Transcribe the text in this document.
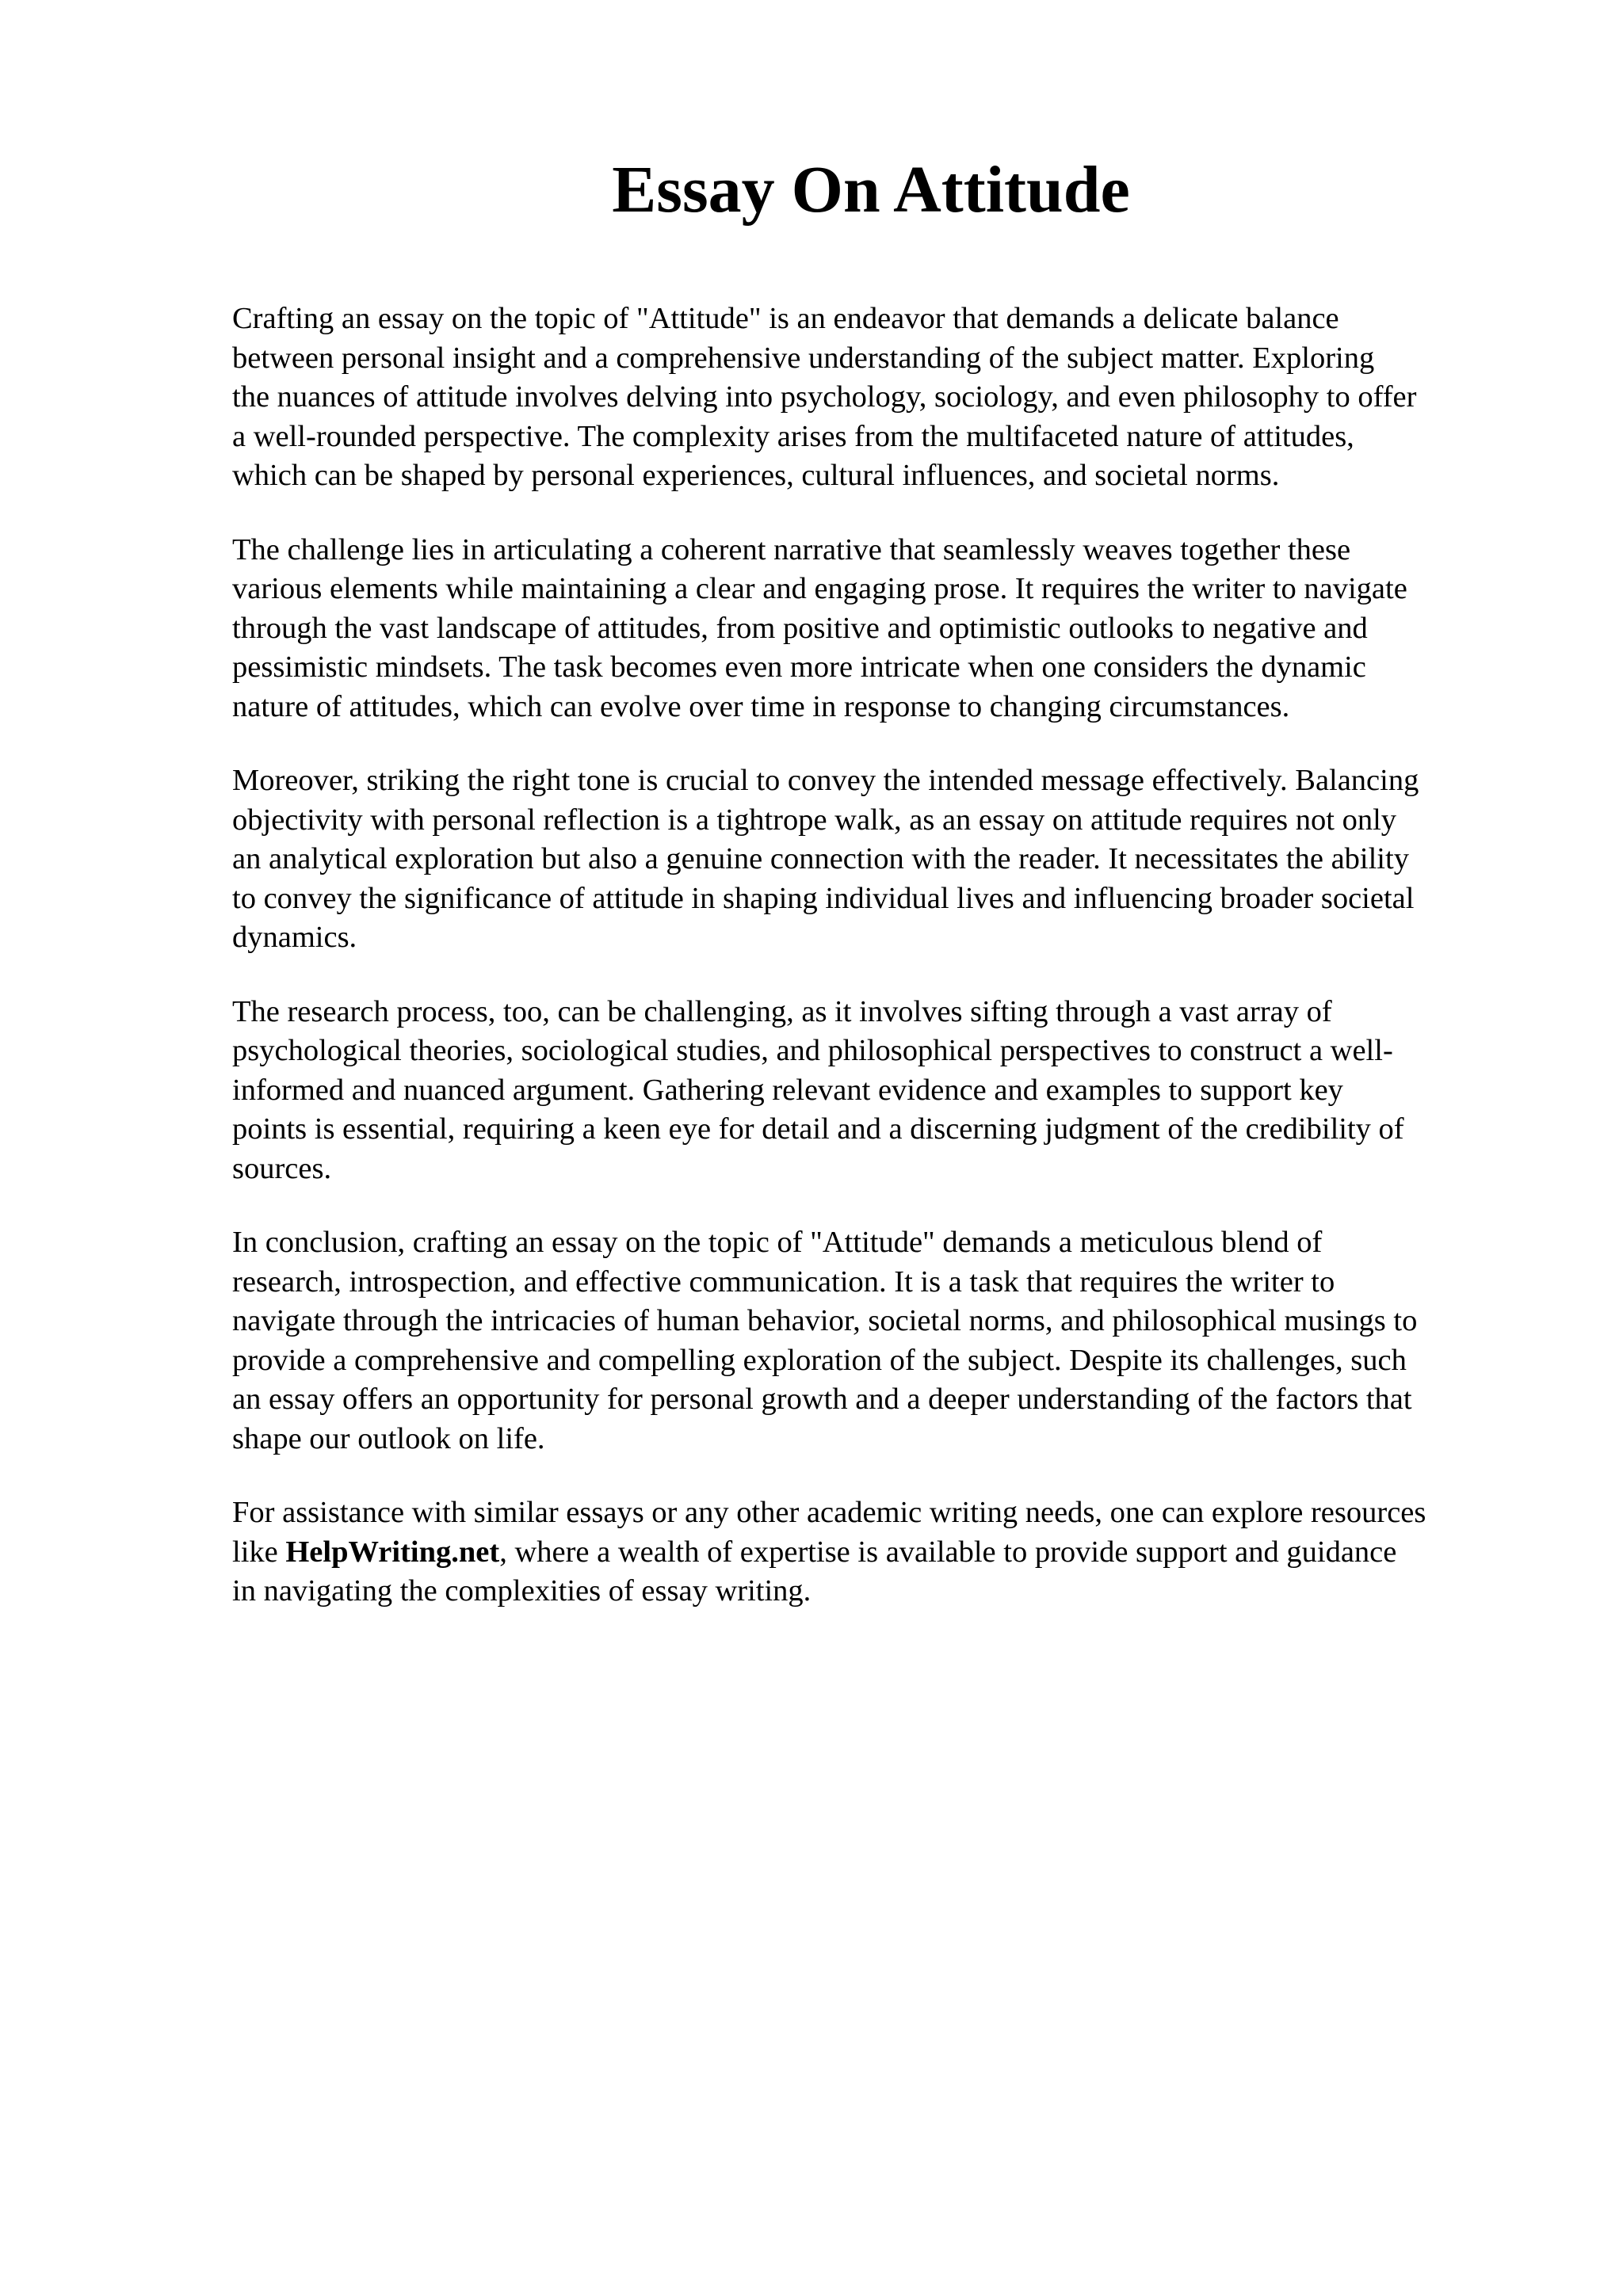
Essay On Attitude

Crafting an essay on the topic of "Attitude" is an endeavor that demands a delicate balance
between personal insight and a comprehensive understanding of the subject matter. Exploring
the nuances of attitude involves delving into psychology, sociology, and even philosophy to offer
a well-rounded perspective. The complexity arises from the multifaceted nature of attitudes,
which can be shaped by personal experiences, cultural influences, and societal norms.

The challenge lies in articulating a coherent narrative that seamlessly weaves together these
various elements while maintaining a clear and engaging prose. It requires the writer to navigate
through the vast landscape of attitudes, from positive and optimistic outlooks to negative and
pessimistic mindsets. The task becomes even more intricate when one considers the dynamic
nature of attitudes, which can evolve over time in response to changing circumstances.

Moreover, striking the right tone is crucial to convey the intended message effectively. Balancing
objectivity with personal reflection is a tightrope walk, as an essay on attitude requires not only
an analytical exploration but also a genuine connection with the reader. It necessitates the ability
to convey the significance of attitude in shaping individual lives and influencing broader societal
dynamics.

The research process, too, can be challenging, as it involves sifting through a vast array of
psychological theories, sociological studies, and philosophical perspectives to construct a well-
informed and nuanced argument. Gathering relevant evidence and examples to support key
points is essential, requiring a keen eye for detail and a discerning judgment of the credibility of
sources.

In conclusion, crafting an essay on the topic of "Attitude" demands a meticulous blend of
research, introspection, and effective communication. It is a task that requires the writer to
navigate through the intricacies of human behavior, societal norms, and philosophical musings to
provide a comprehensive and compelling exploration of the subject. Despite its challenges, such
an essay offers an opportunity for personal growth and a deeper understanding of the factors that
shape our outlook on life.

For assistance with similar essays or any other academic writing needs, one can explore resources
like HelpWriting.net, where a wealth of expertise is available to provide support and guidance
in navigating the complexities of essay writing.
